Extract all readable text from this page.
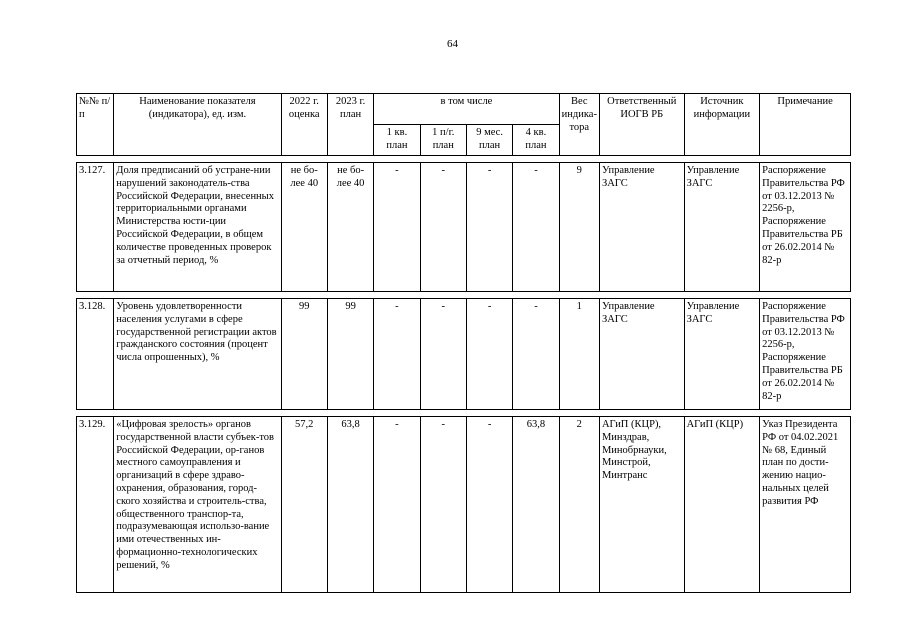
64
№№ п/п	Наименование показателя (индикатора), ед. изм.	2022 г. оценка	2023 г. план	в том числе				Вес индика-тора	Ответственный ИОГВ РБ	Источник информации	Примечание
				1 кв. план	1 п/г. план	9 мес. план	4 кв. план				

3.127.	Доля предписаний об устране-нии нарушений законодатель-ства Российской Федерации, внесенных территориальными органами Министерства юсти-ции Российской Федерации, в общем количестве проведенных проверок за отчетный период, %	не бо-лее 40	не бо-лее 40	-	-	-	-	9	Управление ЗАГС	Управление ЗАГС	Распоряжение Правительства РФ от 03.12.2013 № 2256-р, Распоряжение Правительства РБ от 26.02.2014 № 82-р

3.128.	Уровень удовлетворенности населения услугами в сфере государственной регистрации актов гражданского состояния (процент числа опрошенных), %	99	99	-	-	-	-	1	Управление ЗАГС	Управление ЗАГС	Распоряжение Правительства РФ от 03.12.2013 № 2256-р, Распоряжение Правительства РБ от 26.02.2014 № 82-р

3.129.	«Цифровая зрелость» органов государственной власти субъек-тов Российской Федерации, ор-ганов местного самоуправления и организаций в сфере здраво-охранения, образования, город-ского хозяйства и строитель-ства, общественного транспор-та, подразумевающая использо-вание ими отечественных ин-формационно-технологических решений, %	57,2	63,8	-	-	-	63,8	2	АГиП (КЦР), Минздрав, Минобрнауки, Минстрой, Минтранс	АГиП (КЦР)	Указ Президента РФ от 04.02.2021 № 68, Единый план по дости-жению нацио-нальных целей развития РФ
